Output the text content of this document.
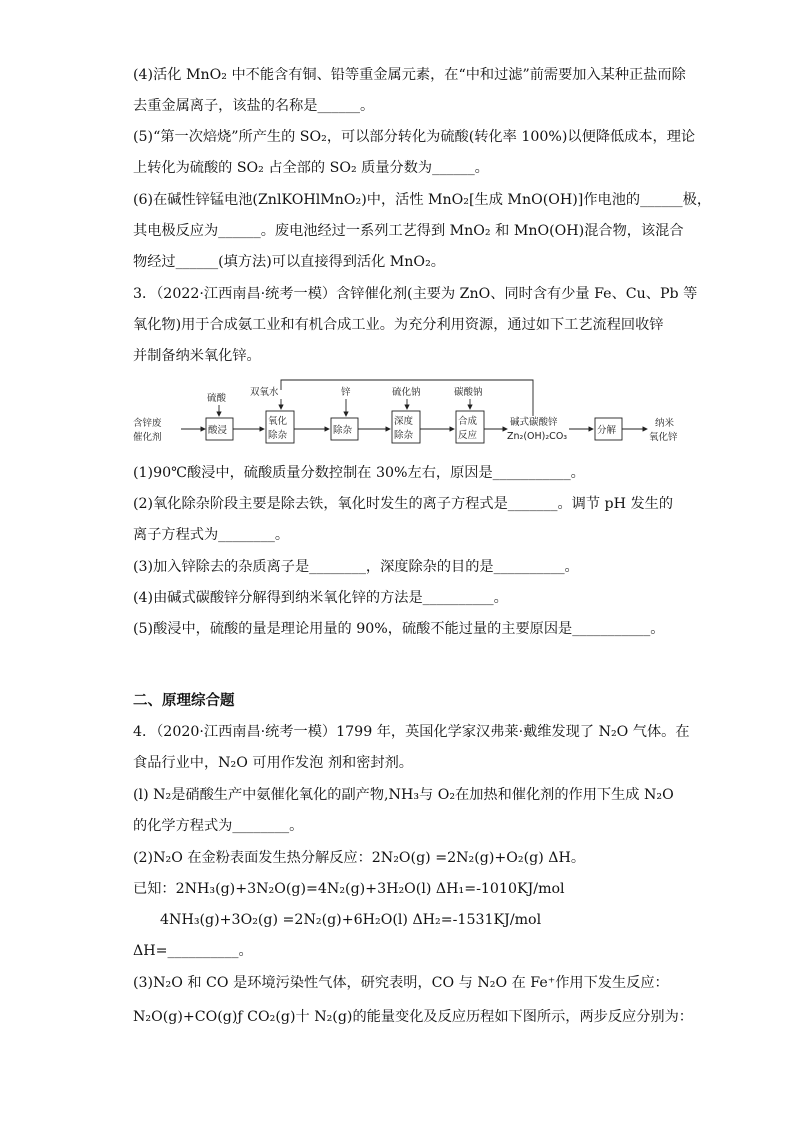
(4)活化 MnO₂ 中不能含有铜、铅等重金属元素，在“中和过滤”前需要加入某种正盐而除
去重金属离子，该盐的名称是______。
(5)“第一次焙烧”所产生的 SO₂，可以部分转化为硫酸(转化率 100%)以便降低成本，理论
上转化为硫酸的 SO₂ 占全部的 SO₂ 质量分数为______。
(6)在碱性锌锰电池(ZnlKOHlMnO₂)中，活性 MnO₂[生成 MnO(OH)]作电池的______极，
其电极反应为______。废电池经过一系列工艺得到 MnO₂ 和 MnO(OH)混合物，该混合
物经过______(填方法)可以直接得到活化 MnO₂。
3．（2022·江西南昌·统考一模）含锌催化剂(主要为 ZnO、同时含有少量 Fe、Cu、Pb 等
氧化物)用于合成氨工业和有机合成工业。为充分利用资源，通过如下工艺流程回收锌
并制备纳米氧化锌。
含锌废
催化剂
硫酸
酸浸
双氧水
氧化
除杂
锌
除杂
硫化钠
深度
除杂
碳酸钠
合成
反应
碱式碳酸锌
Zn₂(OH)₂CO₃
分解
纳米
氧化锌
(1)90℃酸浸中，硫酸质量分数控制在 30%左右，原因是___________。
(2)氧化除杂阶段主要是除去铁，氧化时发生的离子方程式是_______。调节 pH 发生的
离子方程式为________。
(3)加入锌除去的杂质离子是________，深度除杂的目的是__________。
(4)由碱式碳酸锌分解得到纳米氧化锌的方法是__________。
(5)酸浸中，硫酸的量是理论用量的 90%，硫酸不能过量的主要原因是___________。
二、原理综合题
4．（2020·江西南昌·统考一模）1799 年，英国化学家汉弗莱·戴维发现了 N₂O 气体。在
食品行业中，N₂O 可用作发泡 剂和密封剂。
(l) N₂是硝酸生产中氨催化氧化的副产物,NH₃与 O₂在加热和催化剂的作用下生成 N₂O
的化学方程式为________。
(2)N₂O 在金粉表面发生热分解反应：2N₂O(g) =2N₂(g)+O₂(g) ΔH。
已知：2NH₃(g)+3N₂O(g)=4N₂(g)+3H₂O(l) ΔH₁=-1010KJ/mol
4NH₃(g)+3O₂(g) =2N₂(g)+6H₂O(l) ΔH₂=-1531KJ/mol
ΔH=__________。
(3)N₂O 和 CO 是环境污染性气体，研究表明，CO 与 N₂O 在 Fe⁺作用下发生反应：
N₂O(g)+CO(g)ƒ CO₂(g)十 N₂(g)的能量变化及反应历程如下图所示，两步反应分别为：
